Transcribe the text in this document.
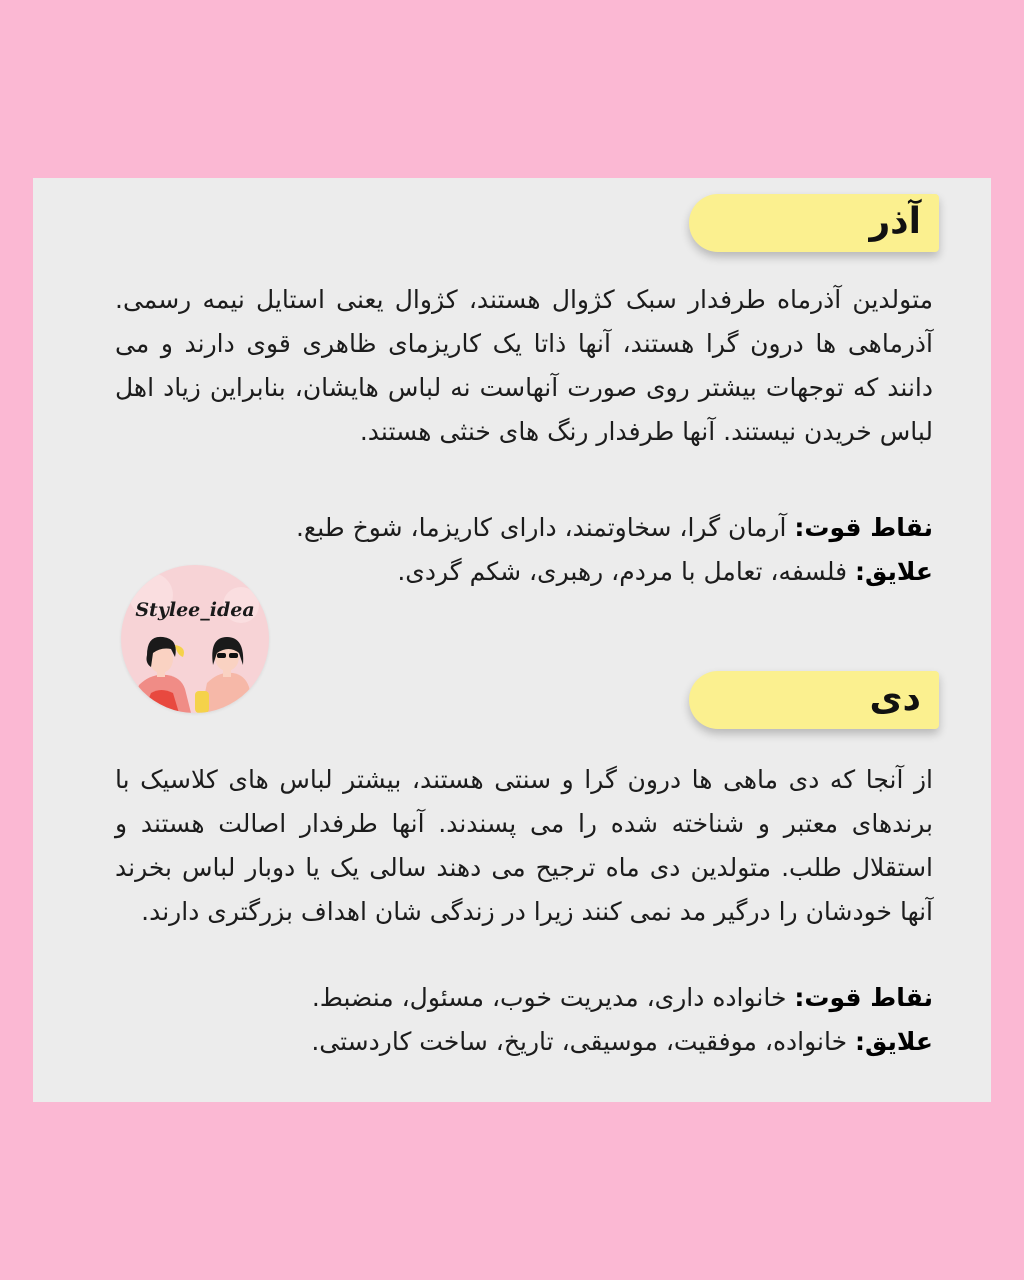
آذر

متولدین آذرماه طرفدار سبک کژوال هستند، کژوال یعنی استایل نیمه رسمی. آذرماهی ها درون گرا هستند، آنها ذاتا یک کاریزمای ظاهری قوی دارند و می دانند که توجهات بیشتر روی صورت آنهاست نه لباس هایشان، بنابراین زیاد اهل لباس خریدن نیستند. آنها طرفدار رنگ های خنثی هستند.

نقاط قوت: آرمان گرا، سخاوتمند، دارای کاریزما، شوخ طبع.
علایق: فلسفه، تعامل با مردم، رهبری، شکم گردی.
Stylee_idea
دی

از آنجا که دی ماهی ها درون گرا و سنتی هستند، بیشتر لباس های کلاسیک با برندهای معتبر و شناخته شده را می پسندند. آنها طرفدار اصالت هستند و استقلال طلب. متولدین دی ماه ترجیح می دهند سالی یک یا دوبار لباس بخرند آنها خودشان را درگیر مد نمی کنند زیرا در زندگی شان اهداف بزرگتری دارند.

نقاط قوت: خانواده داری، مدیریت خوب، مسئول، منضبط.
علایق: خانواده، موفقیت، موسیقی، تاریخ، ساخت کاردستی.
